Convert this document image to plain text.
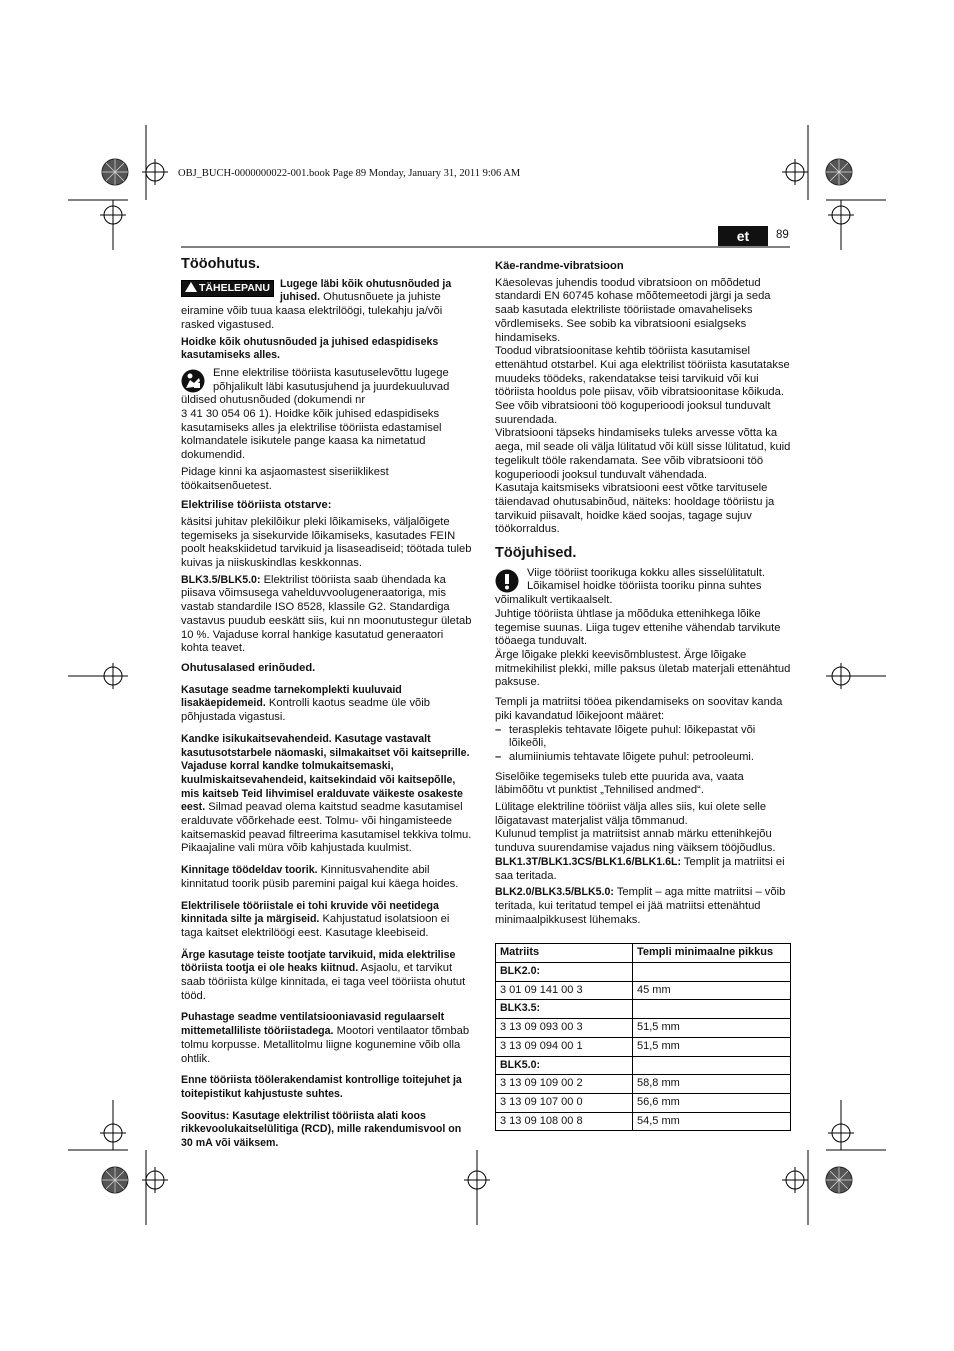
OBJ_BUCH-0000000022-001.book Page 89 Monday, January 31, 2011 9:06 AM
et	89
Tööohutus.
TÄHELEPANU Lugege läbi kõik ohutusnõuded ja juhised. Ohutusnõuete ja juhiste eiramine võib tuua kaasa elektrilöögi, tulekahju ja/või rasked vigastused.

Hoidke kõik ohutusnõuded ja juhised edaspidiseks kasutamiseks alles.

Enne elektrilise tööriista kasutuselevõttu lugege põhjalikult läbi kasutusjuhend ja juurdekuuluvad üldised ohutusnõuded (dokumendi nr

3 41 30 054 06 1). Hoidke kõik juhised edaspidiseks kasutamiseks alles ja elektrilise tööriista edastamisel kolmandatele isikutele pange kaasa ka nimetatud dokumendid.

Pidage kinni ka asjaomastest siseriiklikest töökaitsenõuetest.

Elektrilise tööriista otstarve:

käsitsi juhitav plekilõikur pleki lõikamiseks, väljalõigete tegemiseks ja sisekurvide lõikamiseks, kasutades FEIN poolt heakskiidetud tarvikuid ja lisaseadiseid; töötada tuleb kuivas ja niiskuskindlas keskkonnas.

BLK3.5/BLK5.0: Elektrilist tööriista saab ühendada ka piisava võimsusega vahelduvvoolugeneraatoriga, mis vastab standardile ISO 8528, klassile G2. Standardiga vastavus puudub eeskätt siis, kui nn moonutustegur ületab 10 %. Vajaduse korral hankige kasutatud generaatori kohta teavet.

Ohutusalased erinõuded.

Kasutage seadme tarnekomplekti kuuluvaid lisakäepidemeid. Kontrolli kaotus seadme üle võib põhjustada vigastusi.

Kandke isikukaitsevahendeid. Kasutage vastavalt kasutusotstarbele näomaski, silmakaitset või kaitseprille. Vajaduse korral kandke tolmukaitsemaski, kuulmiskaitsevahendeid, kaitsekindaid või kaitsepõlle, mis kaitseb Teid lihvimisel eralduvate väikeste osakeste eest. Silmad peavad olema kaitstud seadme kasutamisel eralduvate võõrkehade eest. Tolmu- või hingamisteede kaitsemaskid peavad filtreerima kasutamisel tekkiva tolmu. Pikaajaline vali müra võib kahjustada kuulmist.

Kinnitage töödeldav toorik. Kinnitusvahendite abil kinnitatud toorik püsib paremini paigal kui käega hoides.

Elektrilisele tööriistale ei tohi kruvide või neetidega kinnitada silte ja märgiseid. Kahjustatud isolatsioon ei taga kaitset elektrilöögi eest. Kasutage kleebiseid.

Ärge kasutage teiste tootjate tarvikuid, mida elektrilise tööriista tootja ei ole heaks kiitnud. Asjaolu, et tarvikut saab tööriista külge kinnitada, ei taga veel tööriista ohutut tööd.

Puhastage seadme ventilatsiooniavasid regulaarselt mittemetalliliste tööriistadega. Mootori ventilaator tõmbab tolmu korpusse. Metallitolmu liigne kogunemine võib olla ohtlik.

Enne tööriista töölerakendamist kontrollige toitejuhet ja toitepistikut kahjustuste suhtes.

Soovitus: Kasutage elektrilist tööriista alati koos rikkevoolukaitselülitiga (RCD), mille rakendumisvool on 30 mA või väiksem.

Käe-randme-vibratsioon

Käesolevas juhendis toodud vibratsioon on mõõdetud standardi EN 60745 kohase mõõtemeetodi järgi ja seda saab kasutada elektriliste tööriistade omavaheliseks võrdlemiseks. See sobib ka vibratsiooni esialgseks hindamiseks.

Toodud vibratsioonitase kehtib tööriista kasutamisel ettenähtud otstarbel. Kui aga elektrilist tööriista kasutatakse muudeks töödeks, rakendatakse teisi tarvikuid või kui tööriista hooldus pole piisav, võib vibratsioonitase kõikuda. See võib vibratsiooni töö koguperioodi jooksul tunduvalt suurendada.

Vibratsiooni täpseks hindamiseks tuleks arvesse võtta ka aega, mil seade oli välja lülitatud või küll sisse lülitatud, kuid tegelikult tööle rakendamata. See võib vibratsiooni töö koguperioodi jooksul tunduvalt vähendada.

Kasutaja kaitsmiseks vibratsiooni eest võtke tarvitusele täiendavad ohutusabinõud, näiteks: hooldage tööriistu ja tarvikuid piisavalt, hoidke käed soojas, tagage sujuv töökorraldus.

Tööjuhised.
Viige tööriist toorikuga kokku alles sisselülitatult. Lõikamisel hoidke tööriista tooriku pinna suhtes võimalikult vertikaalselt.

Juhtige tööriista ühtlase ja mõõduka ettenihkega lõike tegemise suunas. Liiga tugev ettenihe vähendab tarvikute tööaega tunduvalt.

Ärge lõigake plekki keevisõmblustest. Ärge lõigake mitmekihilist plekki, mille paksus ületab materjali ettenähtud paksuse.

Templi ja matriitsi tööea pikendamiseks on soovitav kanda piki kavandatud lõikejoont määret:

– terasplekis tehtavate lõigete puhul: lõikepastat või lõikeõli,
– alumiiniumis tehtavate lõigete puhul: petrooleumi.

Siselõike tegemiseks tuleb ette puurida ava, vaata läbimõõtu vt punktist „Tehnilised andmed“.

Lülitage elektriline tööriist välja alles siis, kui olete selle lõigatavast materjalist välja tõmmanud.

Kulunud templist ja matriitsist annab märku ettenihkejõu tunduva suurendamise vajadus ning väiksem tööjõudlus.

BLK1.3T/BLK1.3CS/BLK1.6/BLK1.6L: Templit ja matriitsi ei saa teritada.

BLK2.0/BLK3.5/BLK5.0: Templit – aga mitte matriitsi – võib teritada, kui teritatud tempel ei jää matriitsi ettenähtud minimaalpikkusest lühemaks.

Matriits	Templi minimaalne pikkus
BLK2.0:	
3 01 09 141 00 3	45 mm
BLK3.5:	
3 13 09 093 00 3	51,5 mm
3 13 09 094 00 1	51,5 mm
BLK5.0:	
3 13 09 109 00 2	58,8 mm
3 13 09 107 00 0	56,6 mm
3 13 09 108 00 8	54,5 mm
